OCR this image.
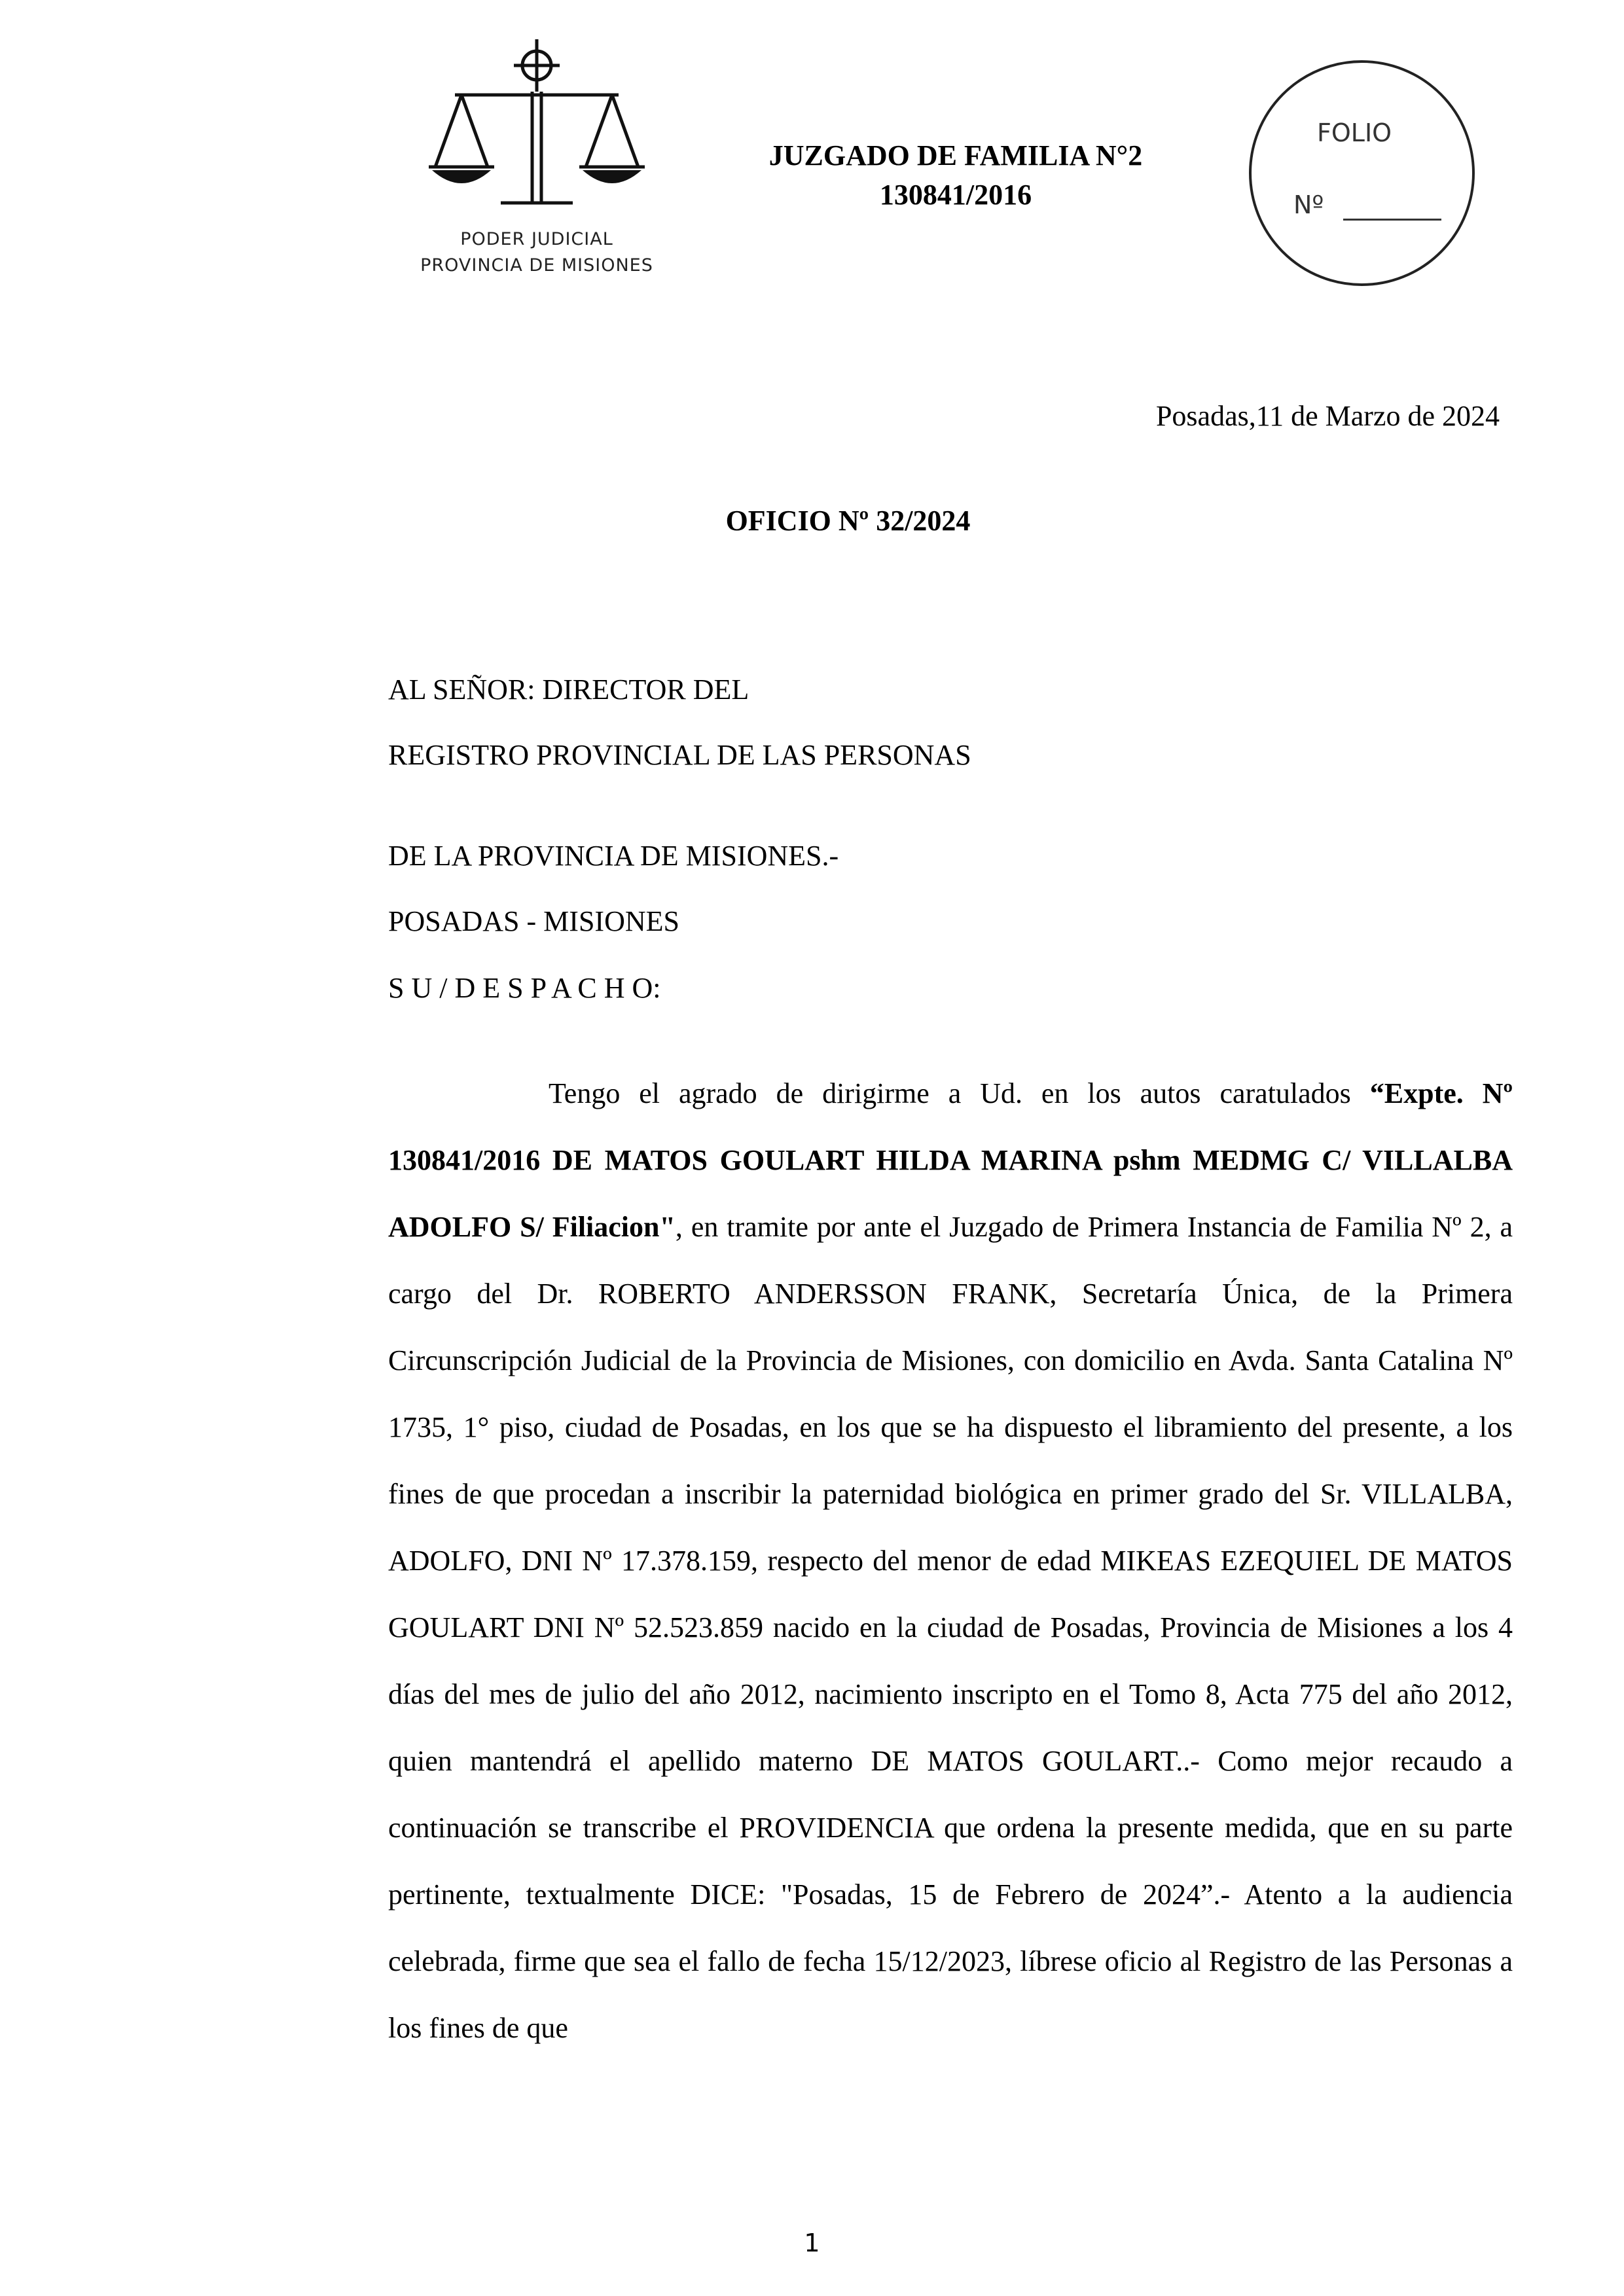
PODER JUDICIAL
PROVINCIA DE MISIONES
JUZGADO DE FAMILIA N°2
130841/2016
FOLIO
Nº
Posadas,11 de Marzo de 2024
OFICIO Nº 32/2024
AL SEÑOR: DIRECTOR DEL
REGISTRO PROVINCIAL DE LAS PERSONAS
DE LA PROVINCIA DE MISIONES.-
POSADAS - MISIONES
S U / D E S P A C H O:
Tengo el agrado de dirigirme a Ud. en los autos caratulados “Expte. Nº 130841/2016 DE MATOS GOULART HILDA MARINA pshm MEDMG C/ VILLALBA ADOLFO S/ Filiacion", en tramite por ante el Juzgado de Primera Instancia de Familia Nº 2, a cargo del Dr. ROBERTO ANDERSSON FRANK, Secretaría Única, de la Primera Circunscripción Judicial de la Provincia de Misiones, con domicilio en Avda. Santa Catalina Nº 1735, 1° piso, ciudad de Posadas, en los que se ha dispuesto el libramiento del presente, a los fines de que procedan a inscribir la paternidad biológica en primer grado del Sr. VILLALBA, ADOLFO, DNI Nº 17.378.159, respecto del menor de edad MIKEAS EZEQUIEL DE MATOS GOULART DNI Nº 52.523.859 nacido en la ciudad de Posadas, Provincia de Misiones a los 4 días del mes de julio del año 2012, nacimiento inscripto en el Tomo 8, Acta 775 del año 2012, quien mantendrá el apellido materno DE MATOS GOULART..- Como mejor recaudo a continuación se transcribe el PROVIDENCIA que ordena la presente medida, que en su parte pertinente, textualmente DICE: "Posadas, 15 de Febrero de 2024”.- Atento a la audiencia celebrada, firme que sea el fallo de fecha 15/12/2023, líbrese oficio al Registro de las Personas a los fines de que
1
